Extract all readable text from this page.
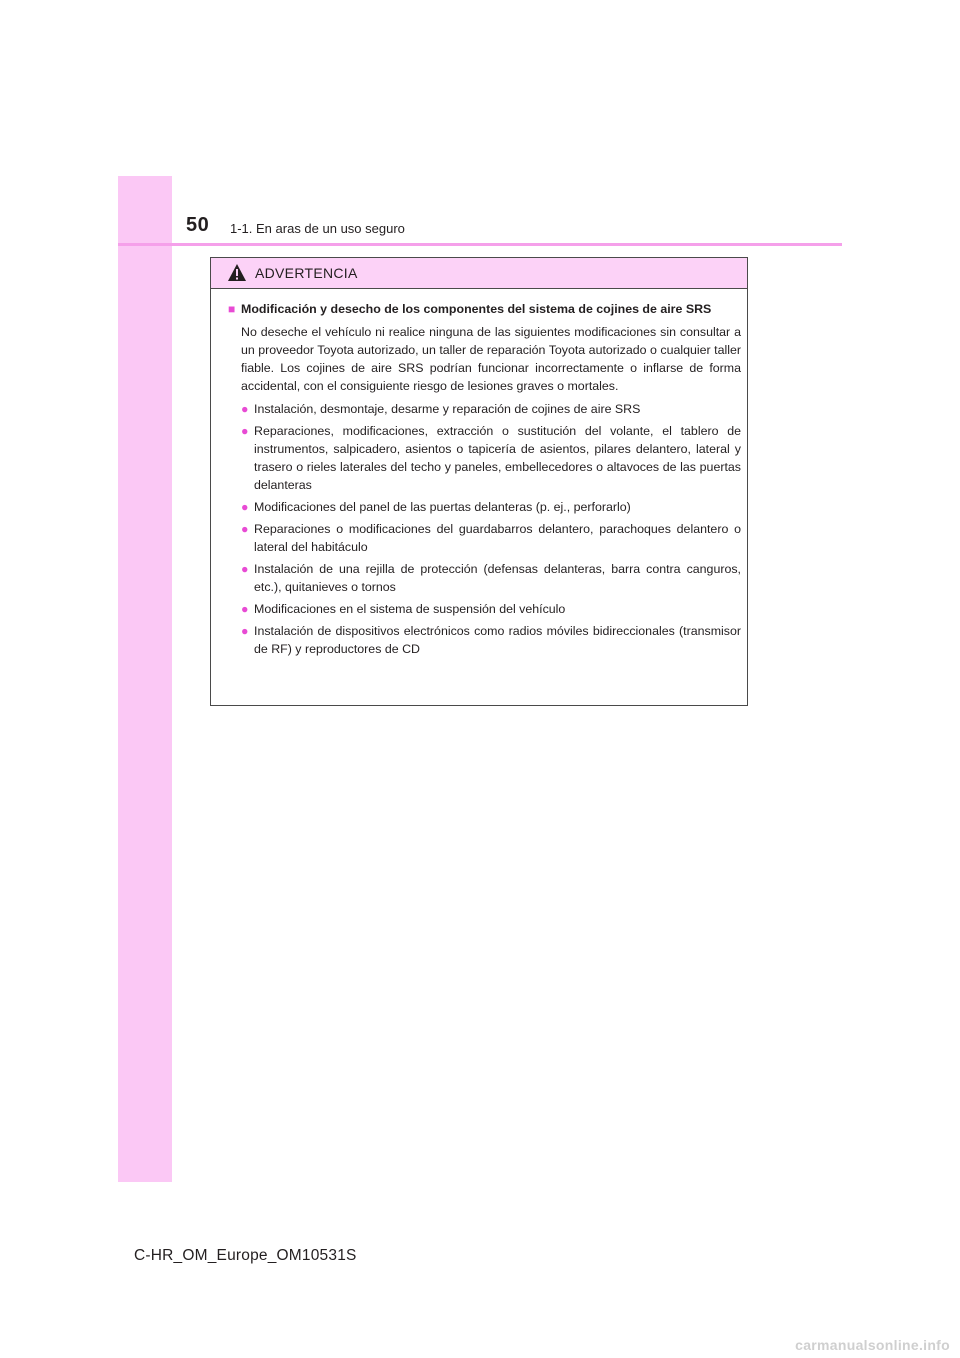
50 1-1. En aras de un uso seguro
ADVERTENCIA
■ Modificación y desecho de los componentes del sistema de cojines de aire SRS

No deseche el vehículo ni realice ninguna de las siguientes modificaciones sin consultar a un proveedor Toyota autorizado, un taller de reparación Toyota autorizado o cualquier taller fiable. Los cojines de aire SRS podrían funcionar incorrectamente o inflarse de forma accidental, con el consiguiente riesgo de lesiones graves o mortales.

● Instalación, desmontaje, desarme y reparación de cojines de aire SRS
● Reparaciones, modificaciones, extracción o sustitución del volante, el tablero de instrumentos, salpicadero, asientos o tapicería de asientos, pilares delantero, lateral y trasero o rieles laterales del techo y paneles, embellecedores o altavoces de las puertas delanteras
● Modificaciones del panel de las puertas delanteras (p. ej., perforarlo)
● Reparaciones o modificaciones del guardabarros delantero, parachoques delantero o lateral del habitáculo
● Instalación de una rejilla de protección (defensas delanteras, barra contra canguros, etc.), quitanieves o tornos
● Modificaciones en el sistema de suspensión del vehículo
● Instalación de dispositivos electrónicos como radios móviles bidireccionales (transmisor de RF) y reproductores de CD
C-HR_OM_Europe_OM10531S
carmanualsonline.info
